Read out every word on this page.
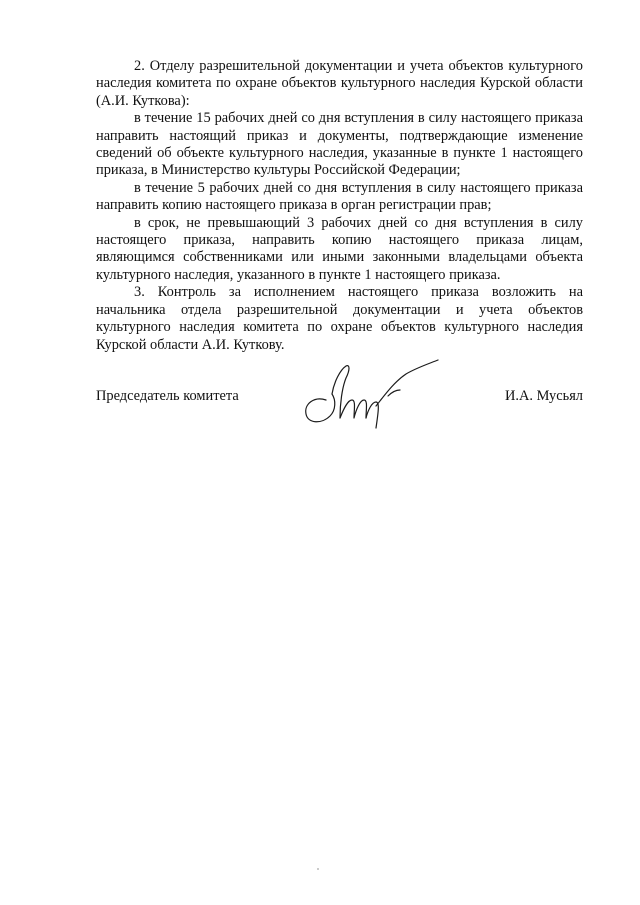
2. Отделу разрешительной документации и учета объектов культурного наследия комитета по охране объектов культурного наследия Курской области (А.И. Куткова):

в течение 15 рабочих дней со дня вступления в силу настоящего приказа направить настоящий приказ и документы, подтверждающие изменение сведений об объекте культурного наследия, указанные в пункте 1 настоящего приказа, в Министерство культуры Российской Федерации;

в течение 5 рабочих дней со дня вступления в силу настоящего приказа направить копию настоящего приказа в орган регистрации прав;

в срок, не превышающий 3 рабочих дней со дня вступления в силу настоящего приказа, направить копию настоящего приказа лицам, являющимся собственниками или иными законными владельцами объекта культурного наследия, указанного в пункте 1 настоящего приказа.

3. Контроль за исполнением настоящего приказа возложить на начальника отдела разрешительной документации и учета объектов культурного наследия комитета по охране объектов культурного наследия Курской области А.И. Куткову.

Председатель комитета	И.А. Мусьял
